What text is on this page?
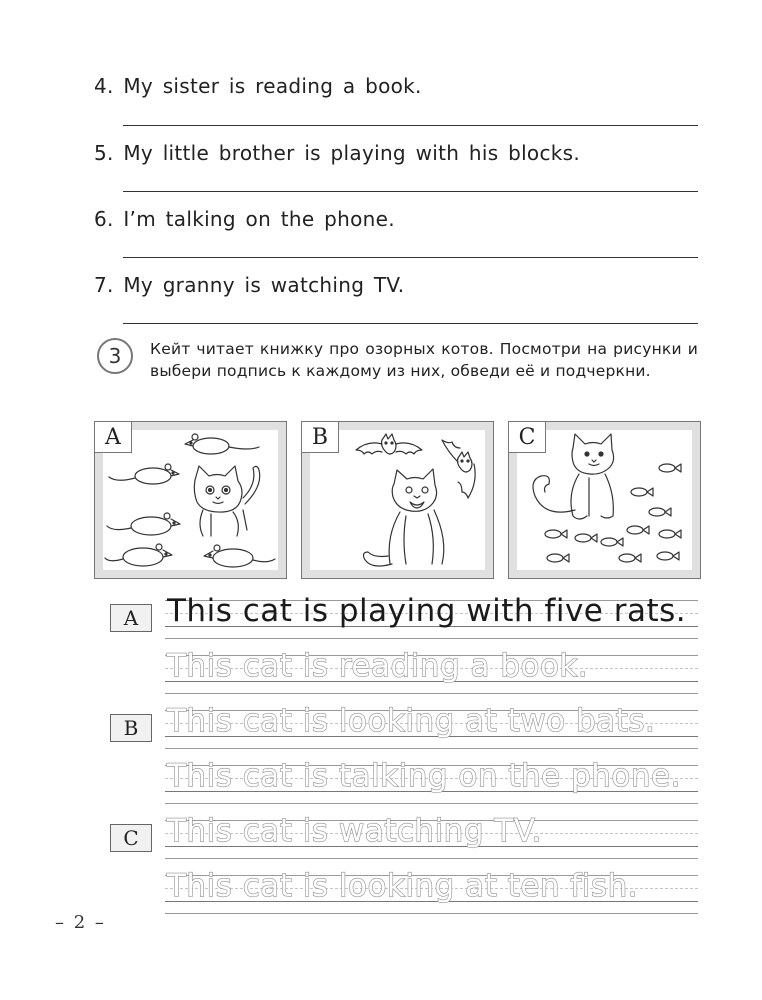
4. My sister is reading a book.
5. My little brother is playing with his blocks.
6. I’m talking on the phone.
7. My granny is watching TV.
3	Кейт читает книжку про озорных котов. Посмотри на рисунки и выбери подпись к каждому из них, обведи её и подчеркни.
A	B	C
A
B
C
This cat is playing with five rats.
This cat is reading a book.
This cat is looking at two bats.
This cat is talking on the phone.
This cat is watching TV.
This cat is looking at ten fish.
– 2 –
